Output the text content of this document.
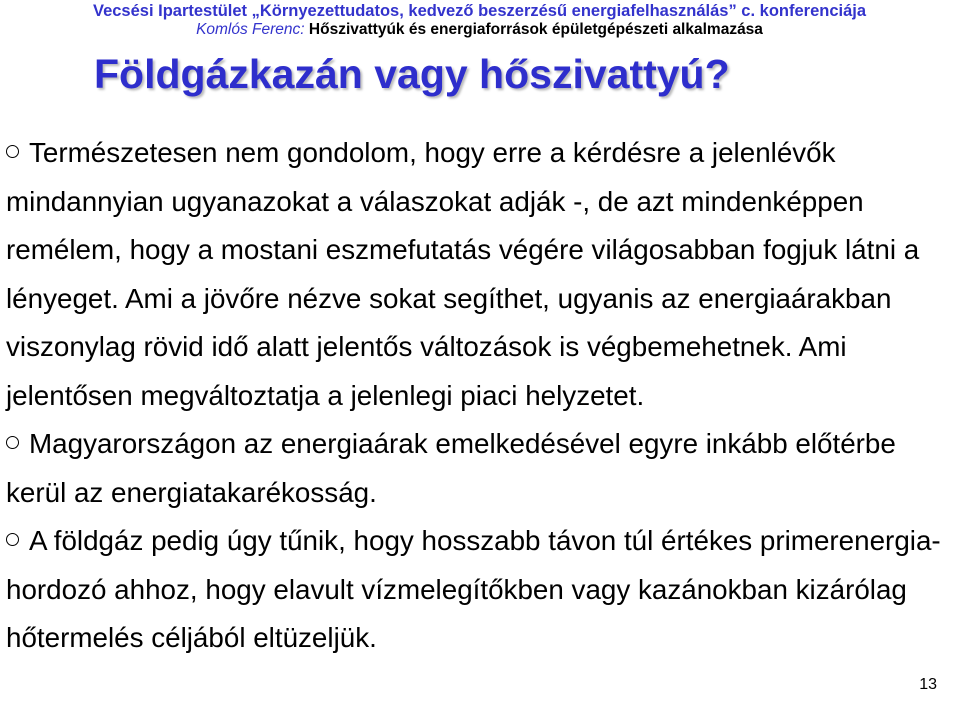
Vecsési Ipartestület „Környezettudatos, kedvező beszerzésű energiafelhasználás” c. konferenciája
Komlós Ferenc: Hőszivattyúk és energiaforrások épületgépészeti alkalmazása
Földgázkazán vagy hőszivattyú?

Természetesen nem gondolom, hogy erre a kérdésre a jelenlévők mindannyian ugyanazokat a válaszokat adják -, de azt mindenképpen remélem, hogy a mostani eszmefutatás végére világosabban fogjuk látni a lényeget. Ami a jövőre nézve sokat segíthet, ugyanis az energiaárakban viszonylag rövid idő alatt jelentős változások is végbemehetnek. Ami jelentősen megváltoztatja a jelenlegi piaci helyzetet.

Magyarországon az energiaárak emelkedésével egyre inkább előtérbe kerül az energiatakarékosság.

A földgáz pedig úgy tűnik, hogy hosszabb távon túl értékes primerenergia-hordozó ahhoz, hogy elavult vízmelegítőkben vagy kazánokban kizárólag hőtermelés céljából eltüzeljük.

13
